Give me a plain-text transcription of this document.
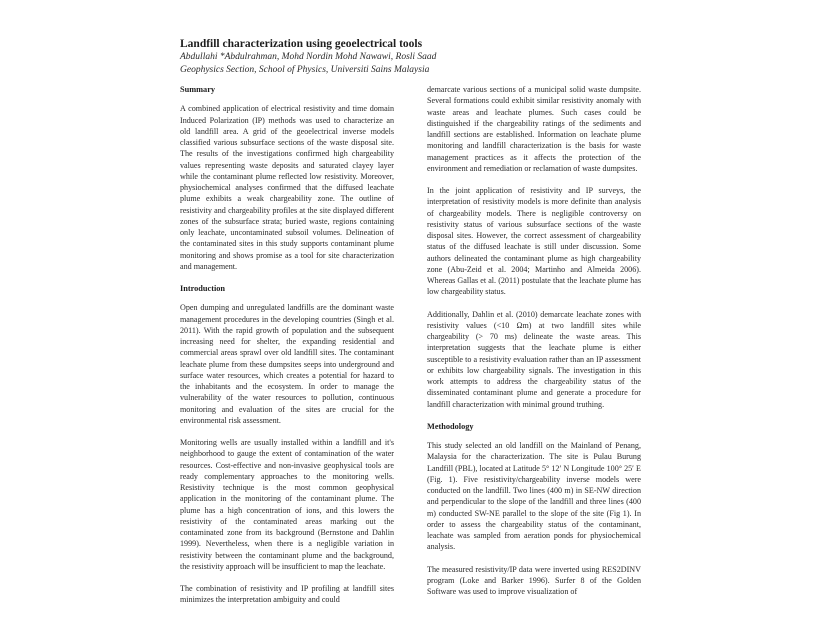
Landfill characterization using geoelectrical tools
Abdullahi *Abdulrahman, Mohd Nordin Mohd Nawawi, Rosli Saad
Geophysics Section, School of Physics, Universiti Sains Malaysia
Summary

A combined application of electrical resistivity and time domain Induced Polarization (IP) methods was used to characterize an old landfill area. A grid of the geoelectrical inverse models classified various subsurface sections of the waste disposal site. The results of the investigations confirmed high chargeability values representing waste deposits and saturated clayey layer while the contaminant plume reflected low resistivity. Moreover, physiochemical analyses confirmed that the diffused leachate plume exhibits a weak chargeability zone. The outline of resistivity and chargeability profiles at the site displayed different zones of the subsurface strata; buried waste, regions containing only leachate, uncontaminated subsoil volumes. Delineation of the contaminated sites in this study supports contaminant plume monitoring and shows promise as a tool for site characterization and management.

Introduction

Open dumping and unregulated landfills are the dominant waste management procedures in the developing countries (Singh et al. 2011). With the rapid growth of population and the subsequent increasing need for shelter, the expanding residential and commercial areas sprawl over old landfill sites. The contaminant leachate plume from these dumpsites seeps into underground and surface water resources, which creates a potential for hazard to the inhabitants and the ecosystem. In order to manage the vulnerability of the water resources to pollution, continuous monitoring and evaluation of the sites are crucial for the environmental risk assessment.

Monitoring wells are usually installed within a landfill and it's neighborhood to gauge the extent of contamination of the water resources. Cost-effective and non-invasive geophysical tools are ready complementary approaches to the monitoring wells. Resistivity technique is the most common geophysical application in the monitoring of the contaminant plume. The plume has a high concentration of ions, and this lowers the resistivity of the contaminated areas marking out the contaminated zone from its background (Bernstone and Dahlin 1999). Nevertheless, when there is a negligible variation in resistivity between the contaminant plume and the background, the resistivity approach will be insufficient to map the leachate.

The combination of resistivity and IP profiling at landfill sites minimizes the interpretation ambiguity and could

demarcate various sections of a municipal solid waste dumpsite. Several formations could exhibit similar resistivity anomaly with waste areas and leachate plumes. Such cases could be distinguished if the chargeability ratings of the sediments and landfill sections are established. Information on leachate plume monitoring and landfill characterization is the basis for waste management practices as it affects the protection of the environment and remediation or reclamation of waste dumpsites.

In the joint application of resistivity and IP surveys, the interpretation of resistivity models is more definite than analysis of chargeability models. There is negligible controversy on resistivity status of various subsurface sections of the waste disposal sites. However, the correct assessment of chargeability status of the diffused leachate is still under discussion. Some authors delineated the contaminant plume as high chargeability zone (Abu-Zeid et al. 2004; Martinho and Almeida 2006). Whereas Gallas et al. (2011) postulate that the leachate plume has low chargeability status.

Additionally, Dahlin et al. (2010) demarcate leachate zones with resistivity values (<10 Ωm) at two landfill sites while chargeability (> 70 ms) delineate the waste areas. This interpretation suggests that the leachate plume is either susceptible to a resistivity evaluation rather than an IP assessment or exhibits low chargeability signals. The investigation in this work attempts to address the chargeability status of the disseminated contaminant plume and generate a procedure for landfill characterization with minimal ground truthing.

Methodology

This study selected an old landfill on the Mainland of Penang, Malaysia for the characterization. The site is Pulau Burung Landfill (PBL), located at Latitude 5° 12′ N Longitude 100° 25′ E (Fig. 1). Five resistivity/chargeability inverse models were conducted on the landfill. Two lines (400 m) in SE-NW direction and perpendicular to the slope of the landfill and three lines (400 m) conducted SW-NE parallel to the slope of the site (Fig 1). In order to assess the chargeability status of the contaminant, leachate was sampled from aeration ponds for physiochemical analysis.

The measured resistivity/IP data were inverted using RES2DINV program (Loke and Barker 1996). Surfer 8 of the Golden Software was used to improve visualization of
